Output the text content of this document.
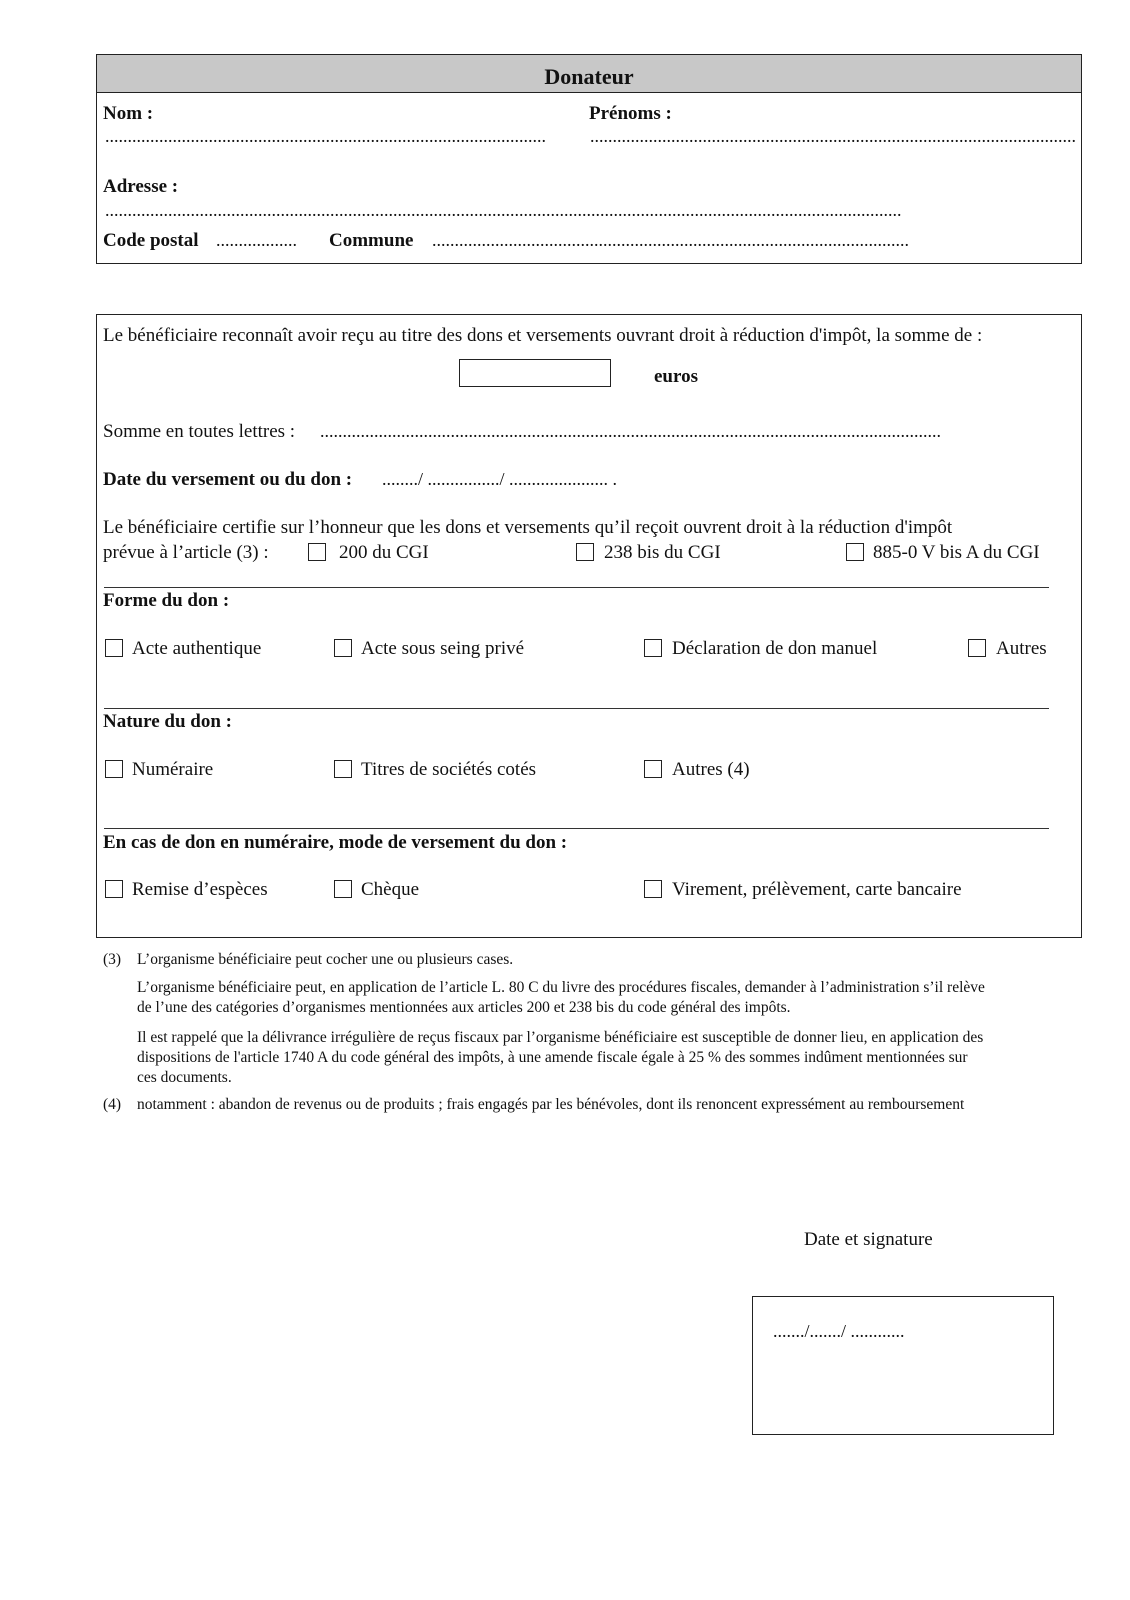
Donateur
Nom :
..................................................................................................
Prénoms :
............................................................................................................
Adresse :
.................................................................................................................................................................................
Code postal .................. Commune ..........................................................................................................
Le bénéficiaire reconnaît avoir reçu au titre des dons et versements ouvrant droit à réduction d'impôt, la somme de :
euros
Somme en toutes lettres : ..........................................................................................................................................
Date du versement ou du don : ......../ ................/ ...................... .
Le bénéficiaire certifie sur l’honneur que les dons et versements qu’il reçoit ouvrent droit à la réduction d'impôt
prévue à l’article (3) :	200 du CGI	238 bis du CGI	885-0 V bis A du CGI
Forme du don :
Acte authentique	Acte sous seing privé	Déclaration de don manuel	Autres
Nature du don :
Numéraire	Titres de sociétés cotés	Autres (4)
En cas de don en numéraire, mode de versement du don :
Remise d’espèces	Chèque	Virement, prélèvement, carte bancaire
(3) L’organisme bénéficiaire peut cocher une ou plusieurs cases.
L’organisme bénéficiaire peut, en application de l’article L. 80 C du livre des procédures fiscales, demander à l’administration s’il relève
de l’une des catégories d’organismes mentionnées aux articles 200 et 238 bis du code général des impôts.
Il est rappelé que la délivrance irrégulière de reçus fiscaux par l’organisme bénéficiaire est susceptible de donner lieu, en application des
dispositions de l'article 1740 A du code général des impôts, à une amende fiscale égale à 25 % des sommes indûment mentionnées sur
ces documents.
(4) notamment : abandon de revenus ou de produits ; frais engagés par les bénévoles, dont ils renoncent expressément au remboursement
Date et signature
......./......./ ............
